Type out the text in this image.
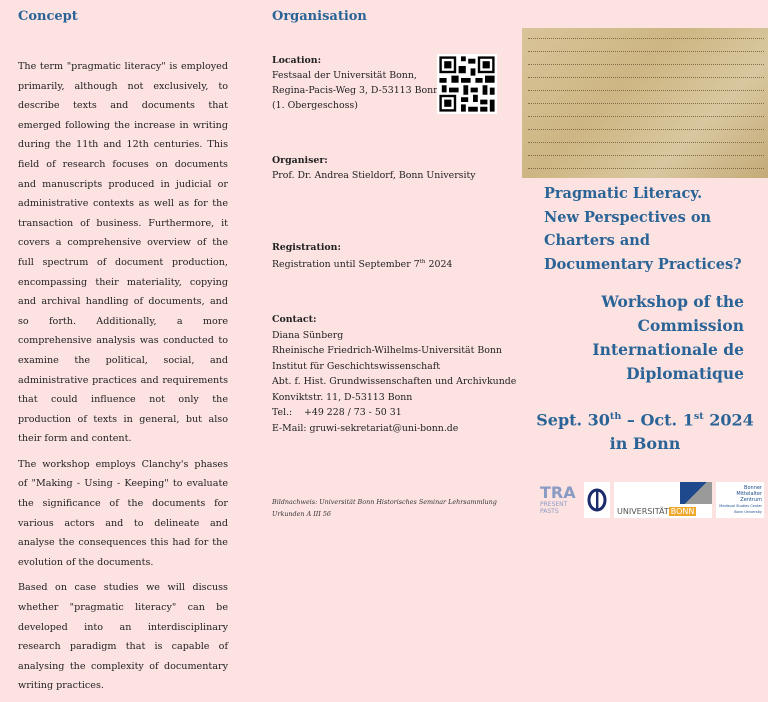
Concept

The term "pragmatic literacy" is employed primarily, although not exclusively, to describe texts and documents that emerged following the increase in writing during the 11th and 12th centuries. This field of research focuses on documents and manuscripts produced in judicial or administrative contexts as well as for the transaction of business. Furthermore, it covers a comprehensive overview of the full spectrum of document production, encompassing their materiality, copying and archival handling of documents, and so forth. Additionally, a more comprehensive analysis was conducted to examine the political, social, and administrative practices and requirements that could influence not only the production of texts in general, but also their form and content.

The workshop employs Clanchy's phases of "Making - Using - Keeping" to evaluate the significance of the documents for various actors and to delineate and analyse the consequences this had for the evolution of the documents.

Based on case studies we will discuss whether "pragmatic literacy" can be developed into an interdisciplinary research paradigm that is capable of analysing the complexity of documentary writing practices.

Organisation
Location:
Festsaal der Universität Bonn,
Regina-Pacis-Weg 3, D-53113 Bonn
(1. Obergeschoss)
Organiser:
Prof. Dr. Andrea Stieldorf, Bonn University
Registration:
Registration until September 7th 2024
Contact:
Diana Sünberg
Rheinische Friedrich-Wilhelms-Universität Bonn
Institut für Geschichtswissenschaft
Abt. f. Hist. Grundwissenschaften und Archivkunde
Konviktstr. 11, D-53113 Bonn
Tel.: +49 228 / 73 - 50 31
E-Mail: gruwi-sekretariat@uni-bonn.de
Bildnachweis: Universität Bonn Historisches Seminar Lehrsammlung
Urkunden A III 56
Pragmatic Literacy.
New Perspectives on
Charters and
Documentary Practices?
Workshop of the
Commission
Internationale de
Diplomatique
Sept. 30th – Oct. 1st 2024
in Bonn
TRA
PRESENT
PASTS	UNIVERSITÄT BONN
Bonner
Mittelalter
Zentrum
Medieval Studies Center
Bonn University
